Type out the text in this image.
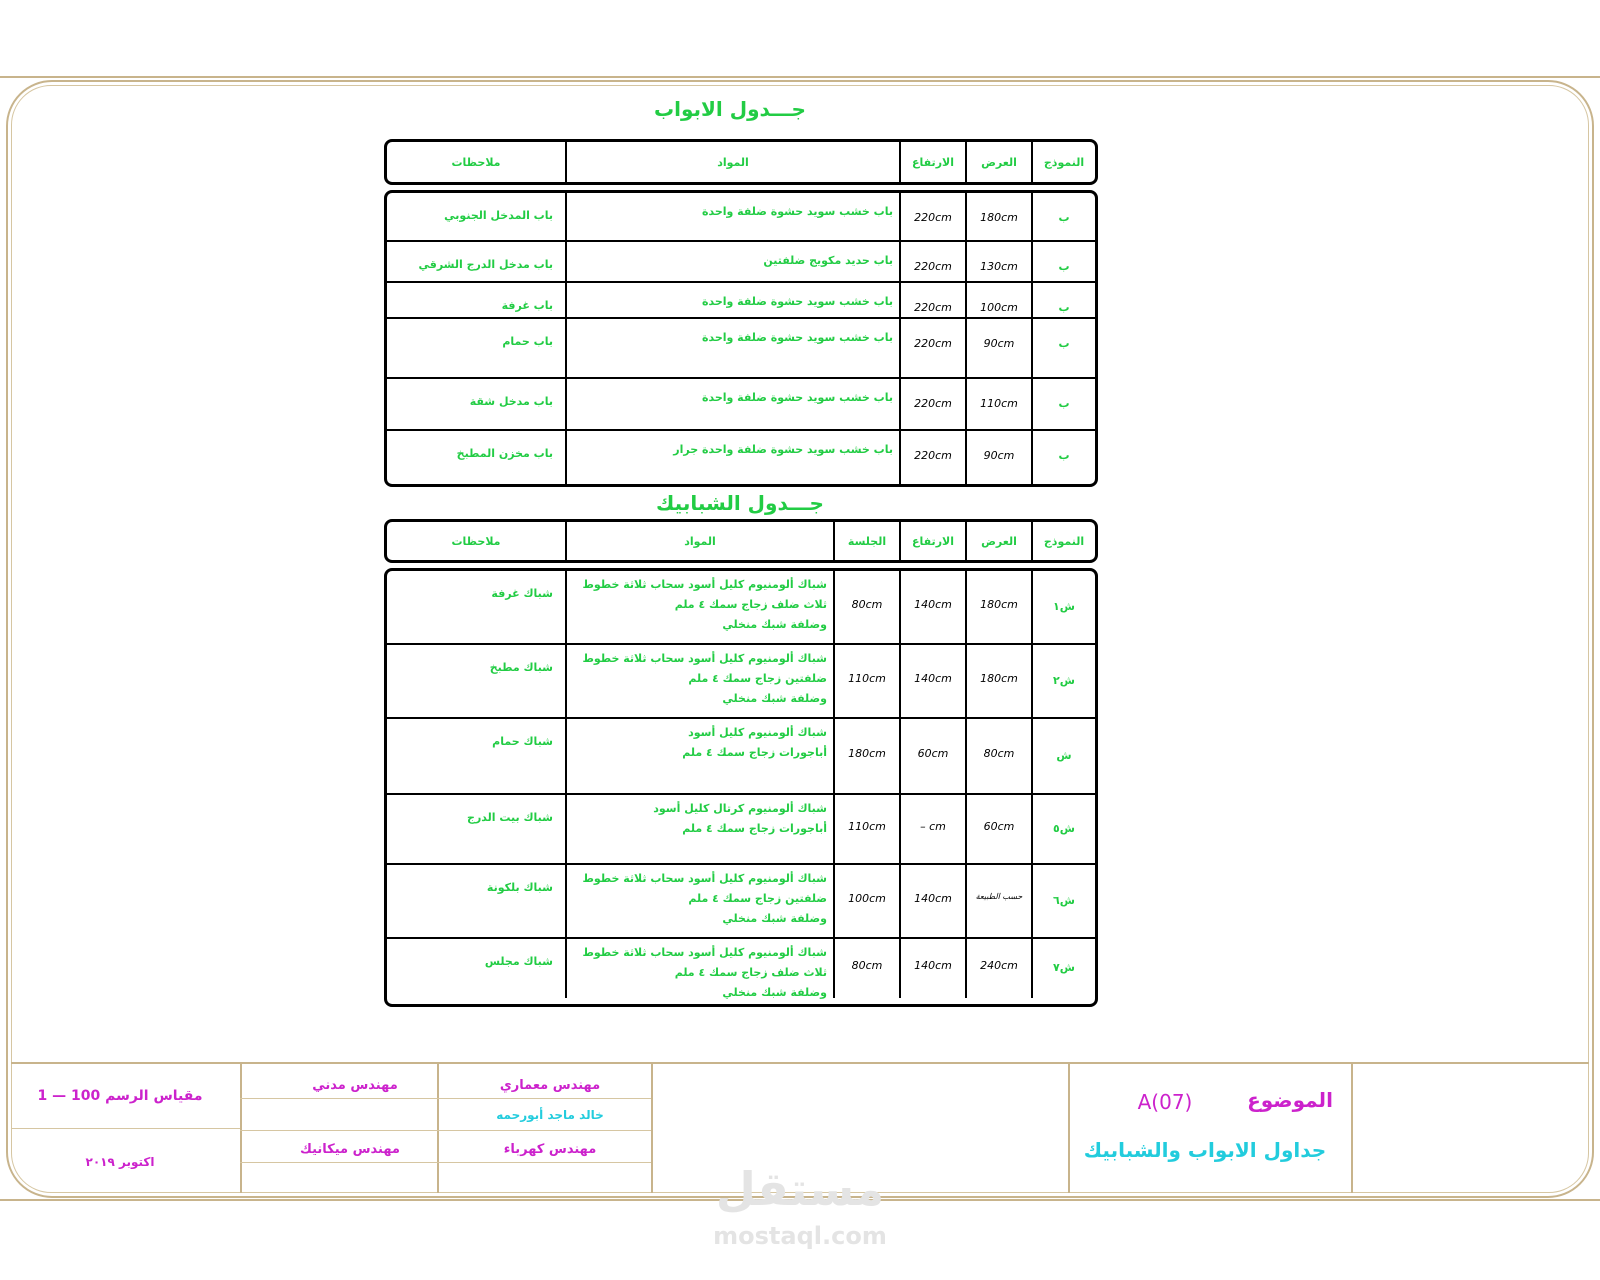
جـــدول الابواب
النموذج
العرض
الارتفاع
المواد
ملاحظات
ب
180cm
220cm
باب خشب سويد حشوة ضلفة واحدة
باب المدخل الجنوبي
ب
130cm
220cm
باب حديد مكويج ضلفتين
باب مدخل الدرج الشرقي
ب
100cm
220cm
باب خشب سويد حشوة ضلفة واحدة
باب غرفة
ب
90cm
220cm
باب خشب سويد حشوة ضلفة واحدة
باب حمام
ب
110cm
220cm
باب خشب سويد حشوة ضلفة واحدة
باب مدخل شقة
ب
90cm
220cm
باب خشب سويد حشوة ضلفة واحدة جرار
باب مخزن المطبخ
جـــدول الشبابيك
النموذج
العرض
الارتفاع
الجلسة
المواد
ملاحظات
ش١
180cm
140cm
80cm
شباك ألومنيوم كليل أسود سحاب ثلاثة خطوط
ثلاث ضلف زجاج سمك ٤ ملم
وضلفة شبك منخلي
شباك غرفة
ش٢
180cm
140cm
110cm
شباك ألومنيوم كليل أسود سحاب ثلاثة خطوط
ضلفتين زجاج سمك ٤ ملم
وضلفة شبك منخلي
شباك مطبخ
ش
80cm
60cm
180cm
شباك ألومنيوم كليل أسود
أباجورات زجاج سمك ٤ ملم
شباك حمام
ش٥
60cm
– cm
110cm
شباك ألومنيوم كرتال كليل أسود
أباجورات زجاج سمك ٤ ملم
شباك بيت الدرج
ش٦
حسب الطبيعة
140cm
100cm
شباك ألومنيوم كليل أسود سحاب ثلاثة خطوط
ضلفتين زجاج سمك ٤ ملم
وضلفة شبك منخلي
شباك بلكونة
ش٧
240cm
140cm
80cm
شباك ألومنيوم كليل أسود سحاب ثلاثة خطوط
ثلاث ضلف زجاج سمك ٤ ملم
وضلفة شبك منخلي
شباك مجلس
مقياس الرسم 100 — 1
اكتوبر ٢٠١٩
مهندس مدني
مهندس ميكانيك
مهندس معماري
خالد ماجد أبورحمه
مهندس كهرباء
الموضوع
A(07)
جداول الابواب والشبابيك
مستقل
mostaql.com
